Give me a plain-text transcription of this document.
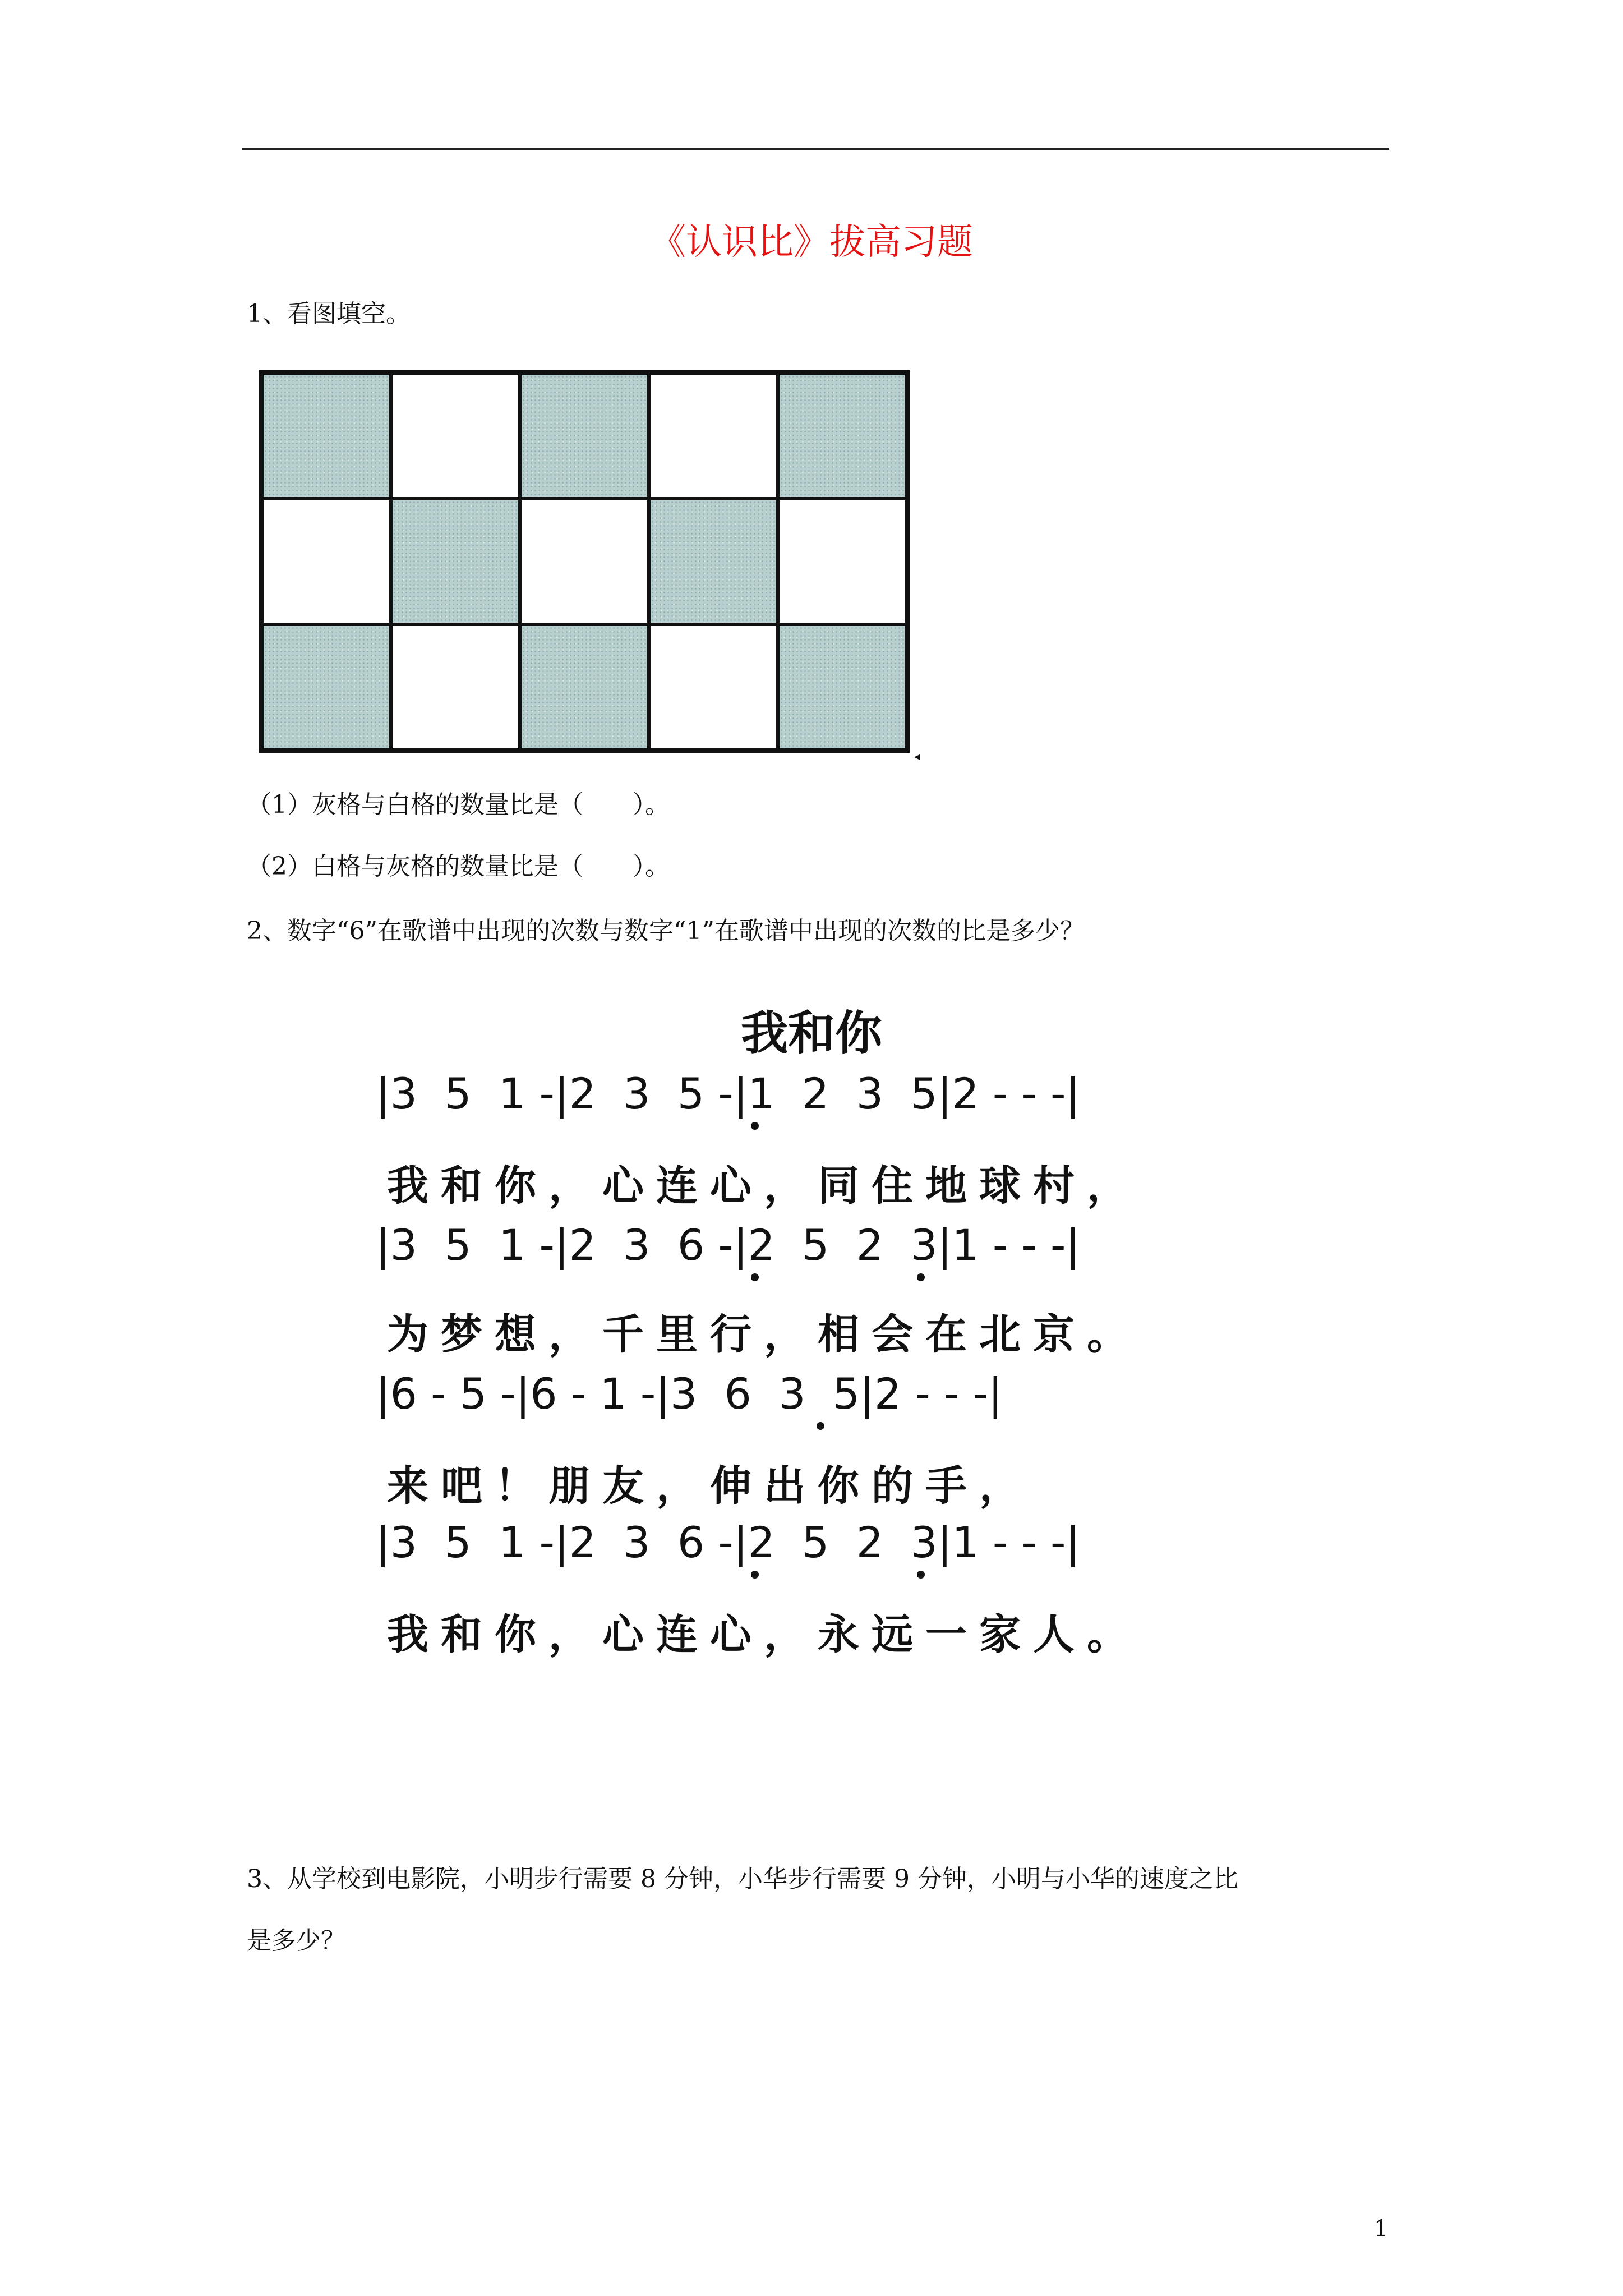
《认识比》拔高习题
1、看图填空。
◂
（1）灰格与白格的数量比是（　　）。
（2）白格与灰格的数量比是（　　）。
2、数字“6”在歌谱中出现的次数与数字“1”在歌谱中出现的次数的比是多少？
我和你
|3  5  1 -|2  3  5 -|1  2  3  5|2 - - -|
我和你，心连心，同住地球村，
|3  5  1 -|2  3  6 -|2  5  2  3|1 - - -|
为梦想，千里行，相会在北京。
|6 - 5 -|6 - 1 -|3  6  3  5|2 - - -|
来吧！朋友，伸出你的手，
|3  5  1 -|2  3  6 -|2  5  2  3|1 - - -|
我和你，心连心，永远一家人。
3、从学校到电影院，小明步行需要 8 分钟，小华步行需要 9 分钟，小明与小华的速度之比
是多少？
1
